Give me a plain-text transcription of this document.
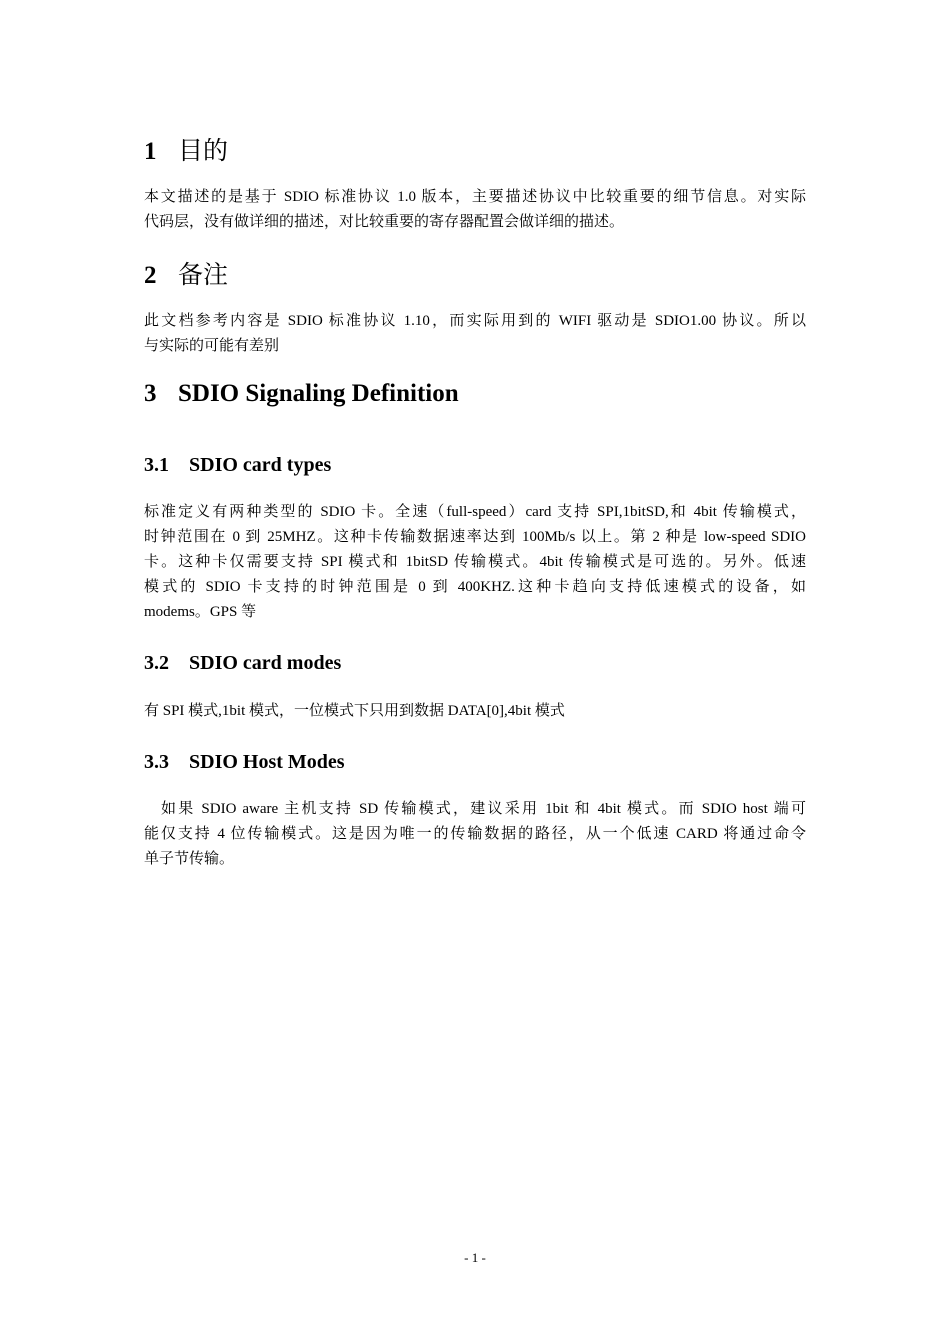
1 目的
本文描述的是基于 SDIO 标准协议 1.0 版本，主要描述协议中比较重要的细节信息。对实际
代码层，没有做详细的描述，对比较重要的寄存器配置会做详细的描述。
2 备注
此文档参考内容是 SDIO 标准协议 1.10，而实际用到的 WIFI 驱动是 SDIO1.00 协议。所以
与实际的可能有差别
3 SDIO Signaling Definition
3.1 SDIO card types
标准定义有两种类型的 SDIO 卡。全速（full-speed）card 支持 SPI,1bitSD,和 4bit 传输模式，
时钟范围在 0 到 25MHZ。这种卡传输数据速率达到 100Mb/s 以上。第 2 种是 low-speed SDIO
卡。这种卡仅需要支持 SPI 模式和 1bitSD 传输模式。4bit 传输模式是可选的。另外。低速
模式的 SDIO 卡支持的时钟范围是 0 到 400KHZ.这种卡趋向支持低速模式的设备，如
modems。GPS 等
3.2 SDIO card modes
有 SPI 模式,1bit 模式，一位模式下只用到数据 DATA[0],4bit 模式
3.3 SDIO Host Modes
如果 SDIO aware 主机支持 SD 传输模式，建议采用 1bit 和 4bit 模式。而 SDIO host 端可
能仅支持 4 位传输模式。这是因为唯一的传输数据的路径，从一个低速 CARD 将通过命令
单子节传输。
- 1 -
